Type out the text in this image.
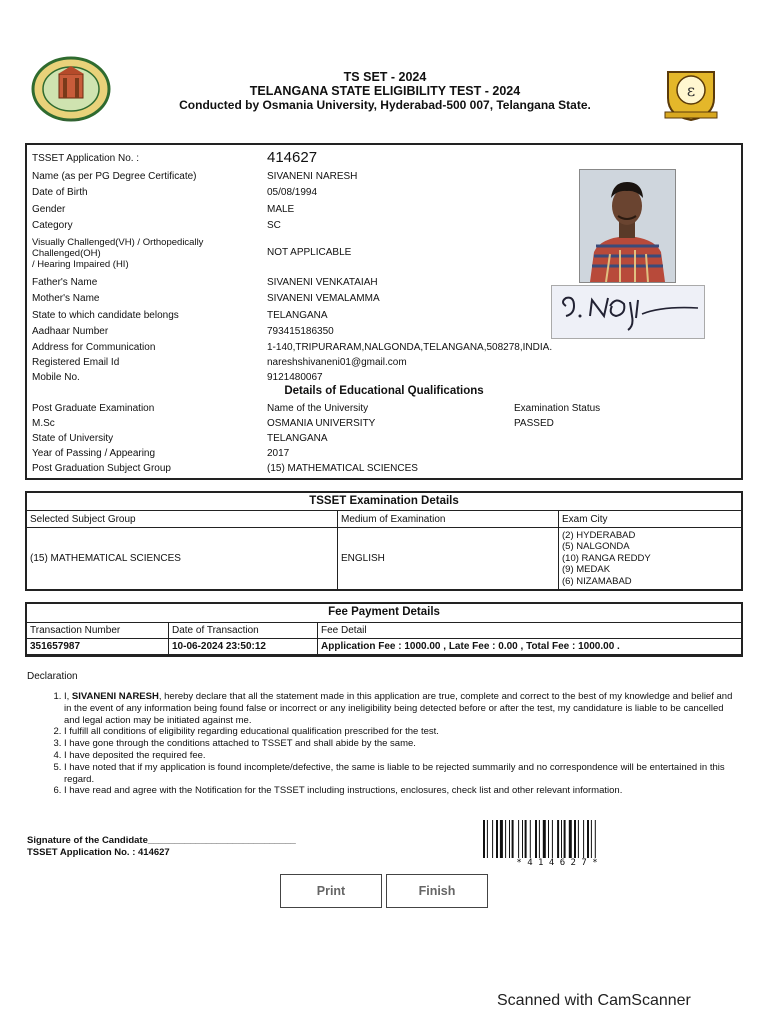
~~~~
ε
TS SET - 2024
TELANGANA STATE ELIGIBILITY TEST - 2024
Conducted by Osmania University, Hyderabad-500 007, Telangana State.
TSSET Application No. :	414627
Name (as per PG Degree Certificate)	SIVANENI NARESH
Date of Birth	05/08/1994
Gender	MALE
Category	SC
Visually Challenged(VH) / Orthopedically
Challenged(OH)
/ Hearing Impaired (HI)
NOT APPLICABLE
Father's Name	SIVANENI VENKATAIAH
Mother's Name	SIVANENI VEMALAMMA
State to which candidate belongs	TELANGANA
Aadhaar Number	793415186350
Address for Communication	1-140,TRIPURARAM,NALGONDA,TELANGANA,508278,INDIA.
Registered Email Id	nareshshivaneni01@gmail.com
Mobile No.	9121480067
Details of Educational Qualifications
Post Graduate Examination	Name of the University	Examination Status
M.Sc	OSMANIA UNIVERSITY	PASSED
State of University	TELANGANA
Year of Passing / Appearing	2017
Post Graduation Subject Group	(15) MATHEMATICAL SCIENCES
TSSET Examination Details
Selected Subject Group	Medium of Examination	Exam City
(15) MATHEMATICAL SCIENCES	ENGLISH	(2) HYDERABAD
(5) NALGONDA
(10) RANGA REDDY
(9) MEDAK
(6) NIZAMABAD
Fee Payment Details
Transaction Number	Date of Transaction	Fee Detail
351657987	10-06-2024 23:50:12	Application Fee : 1000.00 , Late Fee : 0.00 , Total Fee : 1000.00 .
Declaration
1. I, SIVANENI NARESH, hereby declare that all the statement made in this application are true, complete and correct to the best of my knowledge and belief and in the event of any information being found false or incorrect or any ineligibility being detected before or after the test, my candidature is liable to be cancelled and legal action may be initiated against me.
2. I fulfill all conditions of eligibility regarding educational qualification prescribed for the test.
3. I have gone through the conditions attached to TSSET and shall abide by the same.
4. I have deposited the required fee.
5. I have noted that if my application is found incomplete/defective, the same is liable to be rejected summarily and no correspondence will be entertained in this regard.
6. I have read and agree with the Notification for the TSSET including instructions, enclosures, check list and other relevant information.
Signature of the Candidate____________________________
TSSET Application No. : 414627
* 4 1 4 6 2 7 *
Print	Finish
Scanned with CamScanner
